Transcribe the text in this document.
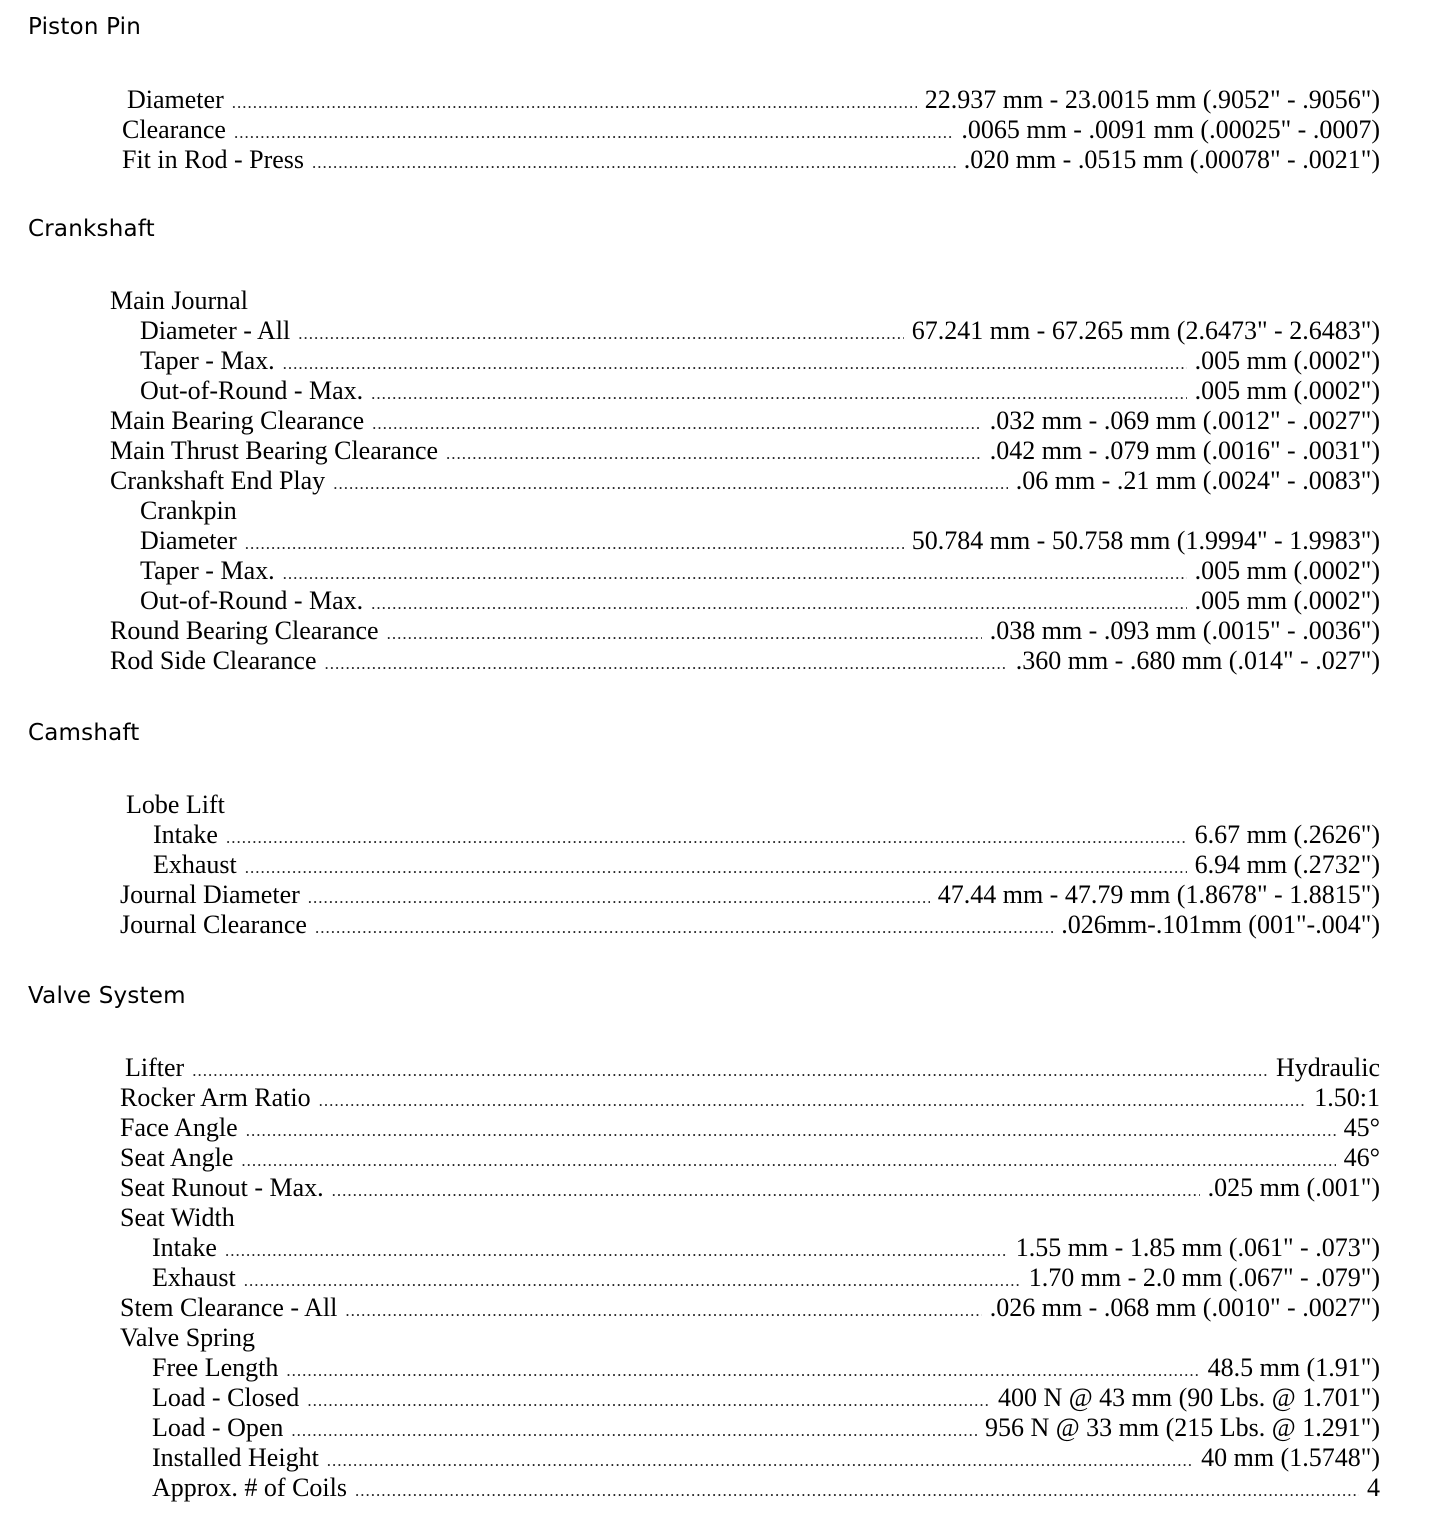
Piston Pin
Diameter .....	22.937 mm - 23.0015 mm (.9052" - .9056")
Clearance .....	.0065 mm - .0091 mm (.00025" - .0007)
Fit in Rod - Press .....	.020 mm - .0515 mm (.00078" - .0021")
Crankshaft
Main Journal
Diameter - All .....	67.241 mm - 67.265 mm (2.6473" - 2.6483")
Taper - Max. .....	.005 mm (.0002")
Out-of-Round - Max. .....	.005 mm (.0002")
Main Bearing Clearance .....	.032 mm - .069 mm (.0012" - .0027")
Main Thrust Bearing Clearance .....	.042 mm - .079 mm (.0016" - .0031")
Crankshaft End Play .....	.06 mm - .21 mm (.0024" - .0083")
Crankpin
Diameter .....	50.784 mm - 50.758 mm (1.9994" - 1.9983")
Taper - Max. .....	.005 mm (.0002")
Out-of-Round - Max. .....	.005 mm (.0002")
Round Bearing Clearance .....	.038 mm - .093 mm (.0015" - .0036")
Rod Side Clearance .....	.360 mm - .680 mm (.014" - .027")
Camshaft
Lobe Lift
Intake .....	6.67 mm (.2626")
Exhaust .....	6.94 mm (.2732")
Journal Diameter .....	47.44 mm - 47.79 mm (1.8678" - 1.8815")
Journal Clearance .....	.026mm-.101mm (001"-.004")
Valve System
Lifter .....	Hydraulic
Rocker Arm Ratio .....	1.50:1
Face Angle .....	45°
Seat Angle .....	46°
Seat Runout - Max. .....	.025 mm (.001")
Seat Width
Intake .....	1.55 mm - 1.85 mm (.061" - .073")
Exhaust .....	1.70 mm - 2.0 mm (.067" - .079")
Stem Clearance - All .....	.026 mm - .068 mm (.0010" - .0027")
Valve Spring
Free Length .....	48.5 mm (1.91")
Load - Closed .....	400 N @ 43 mm (90 Lbs. @ 1.701")
Load - Open .....	956 N @ 33 mm (215 Lbs. @ 1.291")
Installed Height .....	40 mm (1.5748")
Approx. # of Coils .....	4
